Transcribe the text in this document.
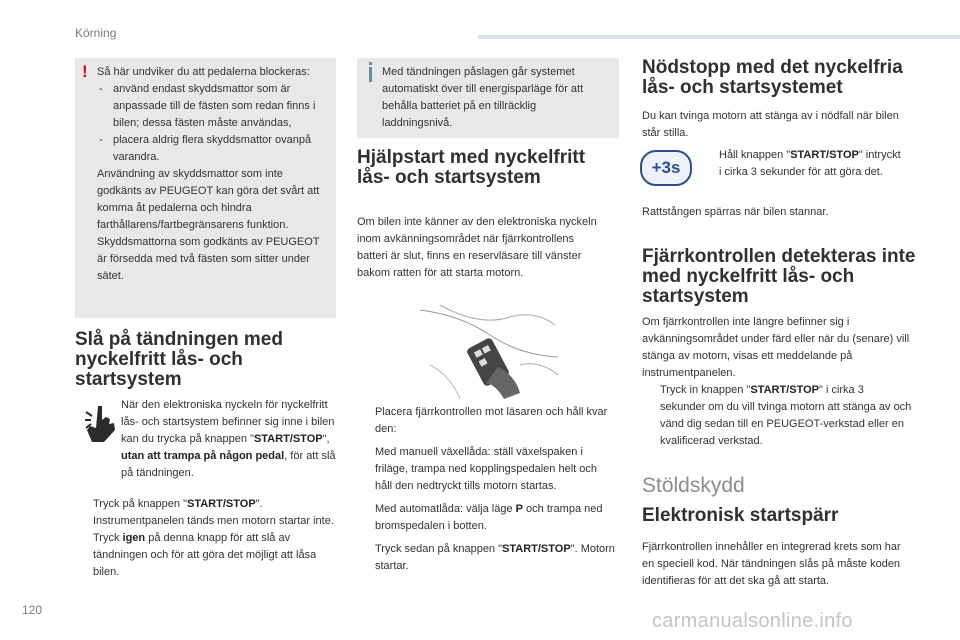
Körning
! Så här undviker du att pedalerna blockeras:

- använd endast skyddsmattor som är anpassade till de fästen som redan finns i bilen; dessa fästen måste användas,

- placera aldrig flera skyddsmattor ovanpå varandra.

Användning av skyddsmattor som inte godkänts av PEUGEOT kan göra det svårt att komma åt pedalerna och hindra farthållarens/fartbegränsarens funktion. Skyddsmattorna som godkänts av PEUGEOT är försedda med två fästen som sitter under sätet.

Slå på tändningen med nyckelfritt lås- och startsystem

När den elektroniska nyckeln för nyckelfritt lås- och startsystem befinner sig inne i bilen kan du trycka på knappen "START/STOP", utan att trampa på någon pedal, för att slå på tändningen.

Tryck på knappen "START/STOP". Instrumentpanelen tänds men motorn startar inte.

Tryck igen på denna knapp för att slå av tändningen och för att göra det möjligt att låsa bilen.

Med tändningen påslagen går systemet automatiskt över till energisparläge för att behålla batteriet på en tillräcklig laddningsnivå.

Hjälpstart med nyckelfritt lås- och startsystem

Om bilen inte känner av den elektroniska nyckeln inom avkänningsområdet när fjärrkontrollens batteri är slut, finns en reservläsare till vänster bakom ratten för att starta motorn.

Placera fjärrkontrollen mot läsaren och håll kvar den:

Med manuell växellåda: ställ växelspaken i friläge, trampa ned kopplingspedalen helt och håll den nedtryckt tills motorn startas.

Med automatlåda: välja läge P och trampa ned bromspedalen i botten.

Tryck sedan på knappen "START/STOP". Motorn startar.

Nödstopp med det nyckelfria lås- och startsystemet

Du kan tvinga motorn att stänga av i nödfall när bilen står stilla.

+3s

Håll knappen "START/STOP" intryckt i cirka 3 sekunder för att göra det.

Rattstången spärras när bilen stannar.

Fjärrkontrollen detekteras inte med nyckelfritt lås- och startsystem

Om fjärrkontrollen inte längre befinner sig i avkänningsområdet under färd eller när du (senare) vill stänga av motorn, visas ett meddelande på instrumentpanelen.

Tryck in knappen "START/STOP" i cirka 3 sekunder om du vill tvinga motorn att stänga av och vänd dig sedan till en PEUGEOT-verkstad eller en kvalificerad verkstad.

Stöldskydd
Elektronisk startspärr

Fjärrkontrollen innehåller en integrerad krets som har en speciell kod. När tändningen slås på måste koden identifieras för att det ska gå att starta.

120	carmanualsonline.info
